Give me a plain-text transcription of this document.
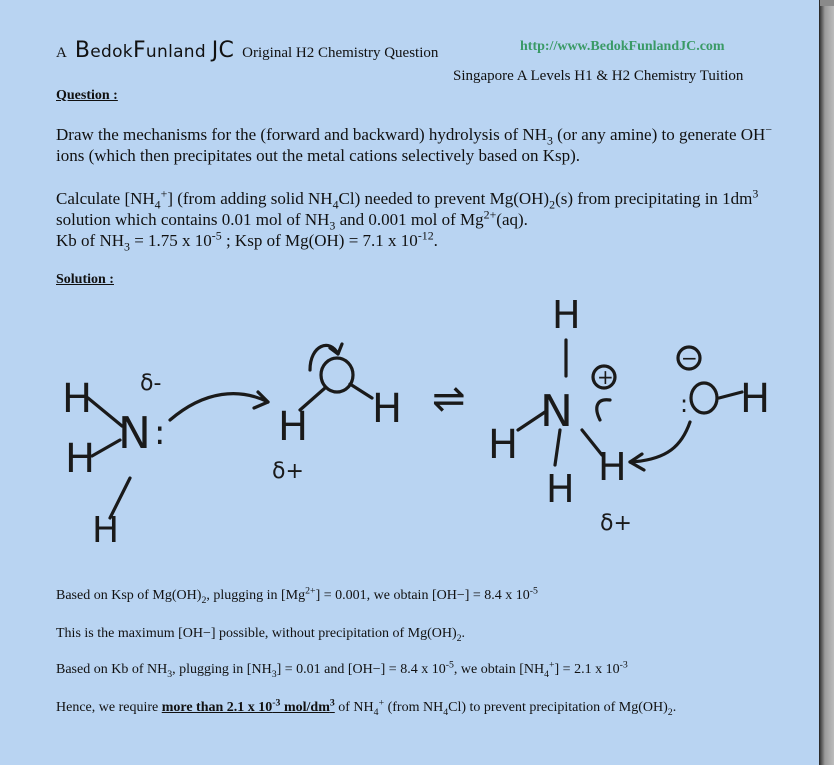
A BedokFunland JC Original H2 Chemistry Question	http://www.BedokFunlandJC.com
Singapore A Levels H1 & H2 Chemistry Tuition
Question :

Draw the mechanisms for the (forward and backward) hydrolysis of $NH_3$ (or any amine) to generate OH− ions (which then precipitates out the metal cations selectively based on Ksp).

Calculate $[NH_4^+]$ (from adding solid $NH_4Cl$) needed to prevent $Mg(OH)_2(s)$ from precipitating in $1dm^3$ solution which contains 0.01 mol of $NH_3$ and 0.001 mol of $Mg^{2+}(aq)$.

Kb of $NH_3 = 1.75$ x $10^{-5}$ ; Ksp of Mg(OH) = 7.1 x $10^{-12}$.

Solution :
H
H
H
N :
δ-
H H
δ+
⇌
H
N
+
H
H H
δ+
−
H
:
Based on Ksp of $Mg(OH)_2$, plugging in $[Mg^{2+}] = 0.001$, we obtain [OH−] = 8.4 x $10^{-5}$
This is the maximum [OH−] possible, without precipitation of $Mg(OH)_2$.
Based on Kb of $NH_3$, plugging in $[NH_3] = 0.01$ and [OH−] = 8.4 x $10^{-5}$, we obtain $[NH_4^+] = 2.1$ x $10^{-3}$
Hence, we require more than 2.1 x $10^{-3}$ mol/$dm^3$ of $NH_4^+$ (from $NH_4Cl$) to prevent precipitation of $Mg(OH)_2$.
